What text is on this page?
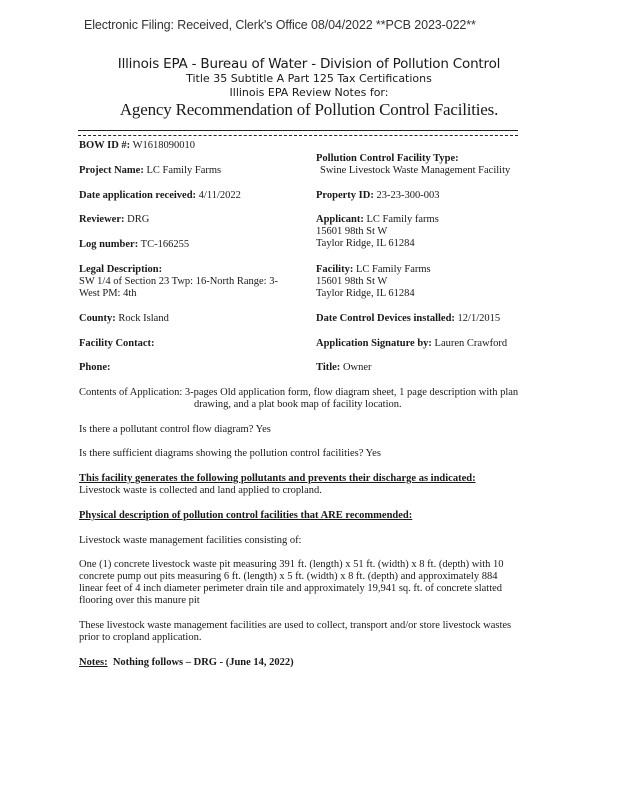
Electronic Filing: Received, Clerk's Office 08/04/2022 **PCB 2023-022**
Illinois EPA - Bureau of Water - Division of Pollution Control
Title 35 Subtitle A Part 125 Tax Certifications
Illinois EPA Review Notes for:
Agency Recommendation of Pollution Control Facilities.
BOW ID #: W1618090010
Project Name: LC Family Farms
Date application received: 4/11/2022
Reviewer: DRG
Log number: TC-166255
Legal Description:
SW 1/4 of Section 23 Twp: 16-North Range: 3-
West PM: 4th
County: Rock Island
Facility Contact:
Phone:
Pollution Control Facility Type:
Swine Livestock Waste Management Facility
Property ID: 23-23-300-003
Applicant: LC Family farms
15601 98th St W
Taylor Ridge, IL 61284
Facility: LC Family Farms
15601 98th St W
Taylor Ridge, IL 61284
Date Control Devices installed: 12/1/2015
Application Signature by: Lauren Crawford
Title: Owner
Contents of Application: 3-pages Old application form, flow diagram sheet, 1 page description with plan
drawing, and a plat book map of facility location.
Is there a pollutant control flow diagram? Yes
Is there sufficient diagrams showing the pollution control facilities? Yes
This facility generates the following pollutants and prevents their discharge as indicated:
Livestock waste is collected and land applied to cropland.
Physical description of pollution control facilities that ARE recommended:
Livestock waste management facilities consisting of:
One (1) concrete livestock waste pit measuring 391 ft. (length) x 51 ft. (width) x 8 ft. (depth) with 10
concrete pump out pits measuring 6 ft. (length) x 5 ft. (width) x 8 ft. (depth) and approximately 884
linear feet of 4 inch diameter perimeter drain tile and approximately 19,941 sq. ft. of concrete slatted
flooring over this manure pit
These livestock waste management facilities are used to collect, transport and/or store livestock wastes
prior to cropland application.
Notes:  Nothing follows – DRG - (June 14, 2022)
